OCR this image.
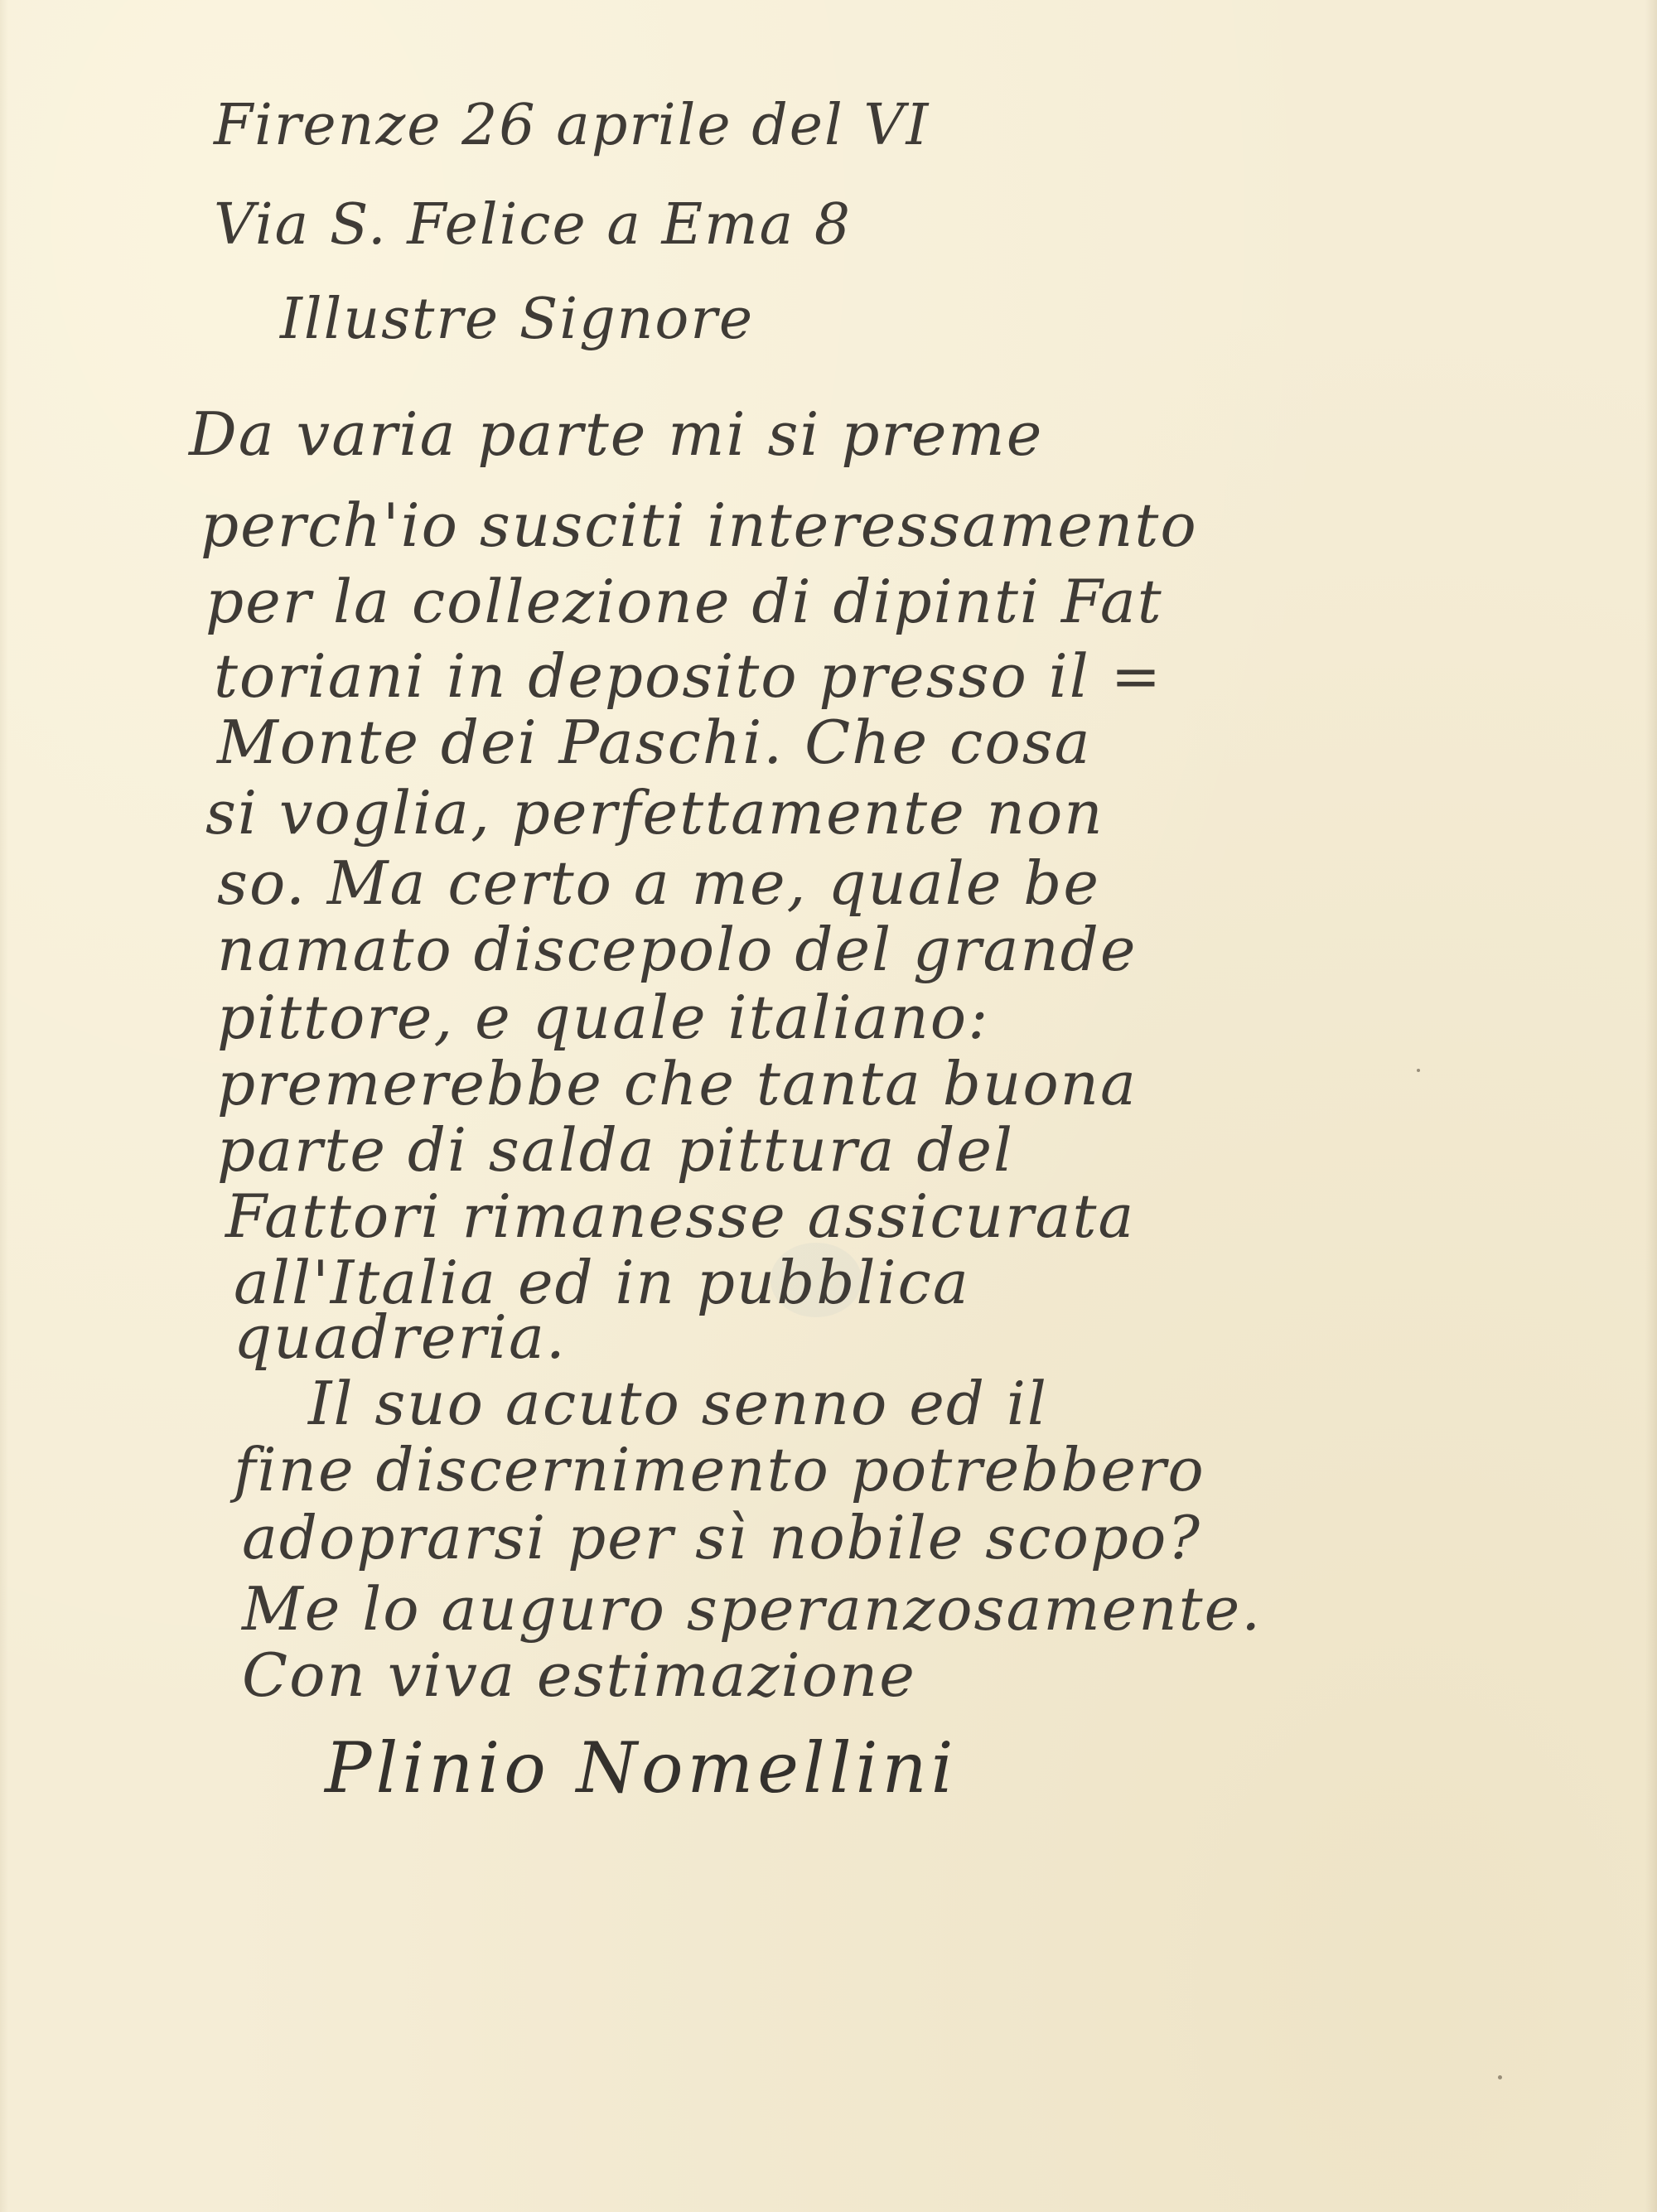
Firenze 26 aprile del VI

Via S. Felice a Ema 8

Illustre Signore

Da varia parte mi si preme

perch'io susciti interessamento

per la collezione di dipinti Fat

toriani in deposito presso il =

Monte dei Paschi. Che cosa

si voglia, perfettamente non

so. Ma certo a me, quale be

namato discepolo del grande

pittore, e quale italiano:

premerebbe che tanta buona

parte di salda pittura del

Fattori rimanesse assicurata

all'Italia ed in pubblica

quadreria.

Il suo acuto senno ed il

fine discernimento potrebbero

adoprarsi per sì nobile scopo?

Me lo auguro speranzosamente.

Con viva estimazione

Plinio Nomellini
